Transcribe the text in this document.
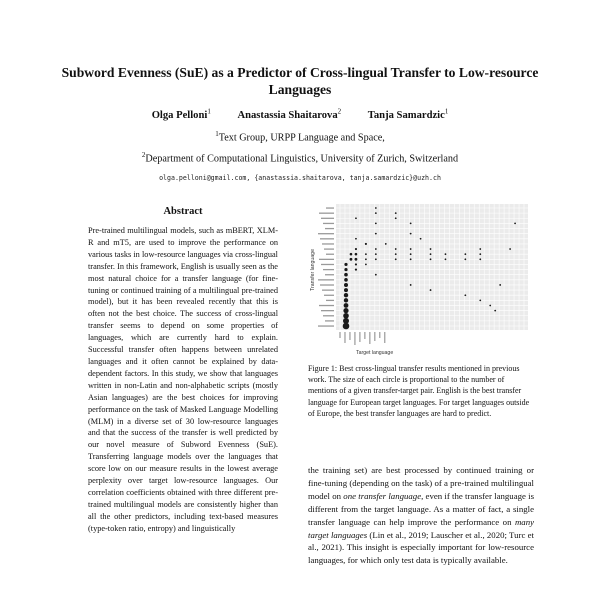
Subword Evenness (SuE) as a Predictor of Cross-lingual Transfer to Low-resource Languages
Olga Pelloni$^1$	Anastassia Shaitarova$^2$	Tanja Samardzic$^1$
$^1$Text Group, URPP Language and Space,
$^2$Department of Computational Linguistics, University of Zurich, Switzerland
olga.pelloni@gmail.com, {anastassia.shaitarova, tanja.samardzic}@uzh.ch
Abstract

Pre-trained multilingual models, such as mBERT, XLM-R and mT5, are used to improve the performance on various tasks in low-resource languages via cross-lingual transfer. In this framework, English is usually seen as the most natural choice for a transfer language (for fine-tuning or continued training of a multilingual pre-trained model), but it has been revealed recently that this is often not the best choice. The success of cross-lingual transfer seems to depend on some properties of languages, which are currently hard to explain. Successful transfer often happens between unrelated languages and it often cannot be explained by data-dependent factors. In this study, we show that languages written in non-Latin and non-alphabetic scripts (mostly Asian languages) are the best choices for improving performance on the task of Masked Language Modelling (MLM) in a diverse set of 30 low-resource languages and that the success of the transfer is well predicted by our novel measure of Subword Evenness (SuE). Transferring language models over the languages that score low on our measure results in the lowest average perplexity over target low-resource languages. Our correlation coefficients obtained with three different pre-trained multilingual models are consistently higher than all the other predictors, including text-based measures (type-token ratio, entropy) and linguistically

Transfer language
Target language
Figure 1: Best cross-lingual transfer results mentioned in previous work. The size of each circle is proportional to the number of mentions of a given transfer-target pair. English is the best transfer language for European target languages. For target languages outside of Europe, the best transfer languages are hard to predict.

the training set) are best processed by continued training or fine-tuning (depending on the task) of a pre-trained multilingual model on one transfer language, even if the transfer language is different from the target language. As a matter of fact, a single transfer language can help improve the performance on many target languages (Lin et al., 2019; Lauscher et al., 2020; Turc et al., 2021). This insight is especially important for low-resource languages, for which only test data is typically available.
